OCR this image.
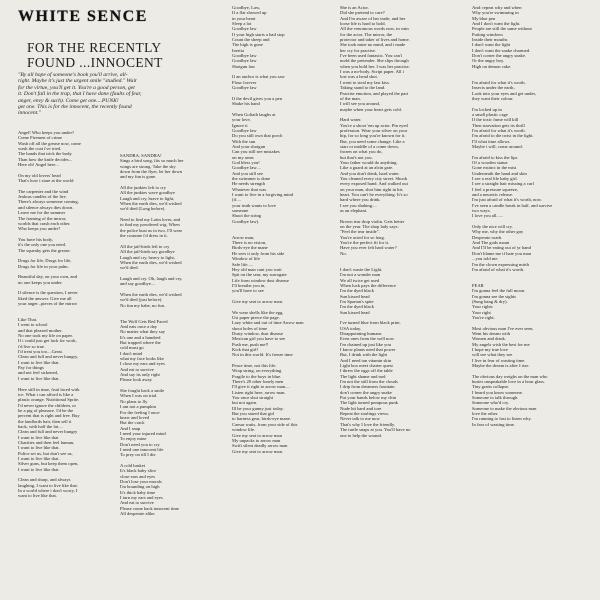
WHITE SENCE
FOR THE RECENTLY
FOUND ...INNOCENT
"By all hope of someone's book you'll arrive, all-
right. Maybe it's just the urgent smile "studied." Wait
for the virtue, you'll get it. You're a good person, get
it. Don't fall in the trap, that I have done (faults of fear,
anger, envy & such). Come get one....PUNK!
get one. This is for the innocent, the recently found
innocent."
Angel! Who keeps you under?
Come Firemen of crime
Wash off all the grease now, come
wash the coat i've tried.
The hands that trick the body.
Than how the knife decides...
Here oh! Angel here...

On my old lovers' head
That's how i stare at the world

The carpenter and the wind
Jealous candles of the fire.
There's always someone coming,
and silence always dies down.
Leave me for the summer
The framing of the mirror,
worlds that crash each other.
Who keeps you under?

You have his body,
it's the only one you need.
The squeaky gets the grease.

Drugs for life, Drugs for life,
Drugs for life in your palm.

Beautiful day, on your own, and
no one keeps you under.

If silence is the question, I never
liked the answer. Give me all
your anger...pieces of the mirror

Like That.
I went to school
and that pleased mother.
No one took my life on paper.
If i could just get luck for work,
i'd live so true.
I'd treat you too....Great.
Clean and full and never hungry,
I want to live like that.
Pay for things
and not feel sickened,
I want to live like that.

Here still in time, fruit laced with
ice. What i can afford is like a
plastic orange. Nutritional Sprite.
I'd never ignore the children, or
be a pig of pleasure. I'd be the
percent that is right and free. Buy
the landlords hair, then sell it
back, with half the fat....
Clean and full and never hungry
I want to live like that
Charities and then feel human,
I want to live like that.
Police set us, but don't see us,
I want to live like that.
Silver guns, but keep them open,
I want to live like that.

Clean and sharp, and always
laughing, I want to live like that.
In a world where i don't worry, I
want to live like that.
SANDRA, SANDRA!
Sings a bird song, fits so much her
wings are strong. Take the sky
down from the flyer, let her down
and my fun is gone.

All the junkies left to cry
All the junkies wave goodbye
Laugh and cry, brave to light,
When the earth dies, we'd wished
we'd died (Long before).

Need to find my Latin lover, and
to find my powdered wig. When
the police bust us in two, I'll wear
the costume i'd dress in it.

All the jail-birds left to cry
All the jail-birds say goodbye
Laugh and cry, heavy to light,
When the earth dies, we'd wished
we'd died.

Laugh and cry. Oh, laugh and cry,
and say goodbye....

When the earth dies, we'd wished
we'd died (just before).
No fun my babe, no fun.

The Wolf Gets Red Faced
And eats once a day
No matter what they say
It's one and a hundred
But trapped where the
cold must go
I don't mind
what my face looks like
I close my ears and eyes
And eat to survive
And say its only right
Please look away

She fought back a smile
When I was on trial.
No plans to fly
I am not a pumpkin
For the feeling I once
knew and loved
But the crack
And I snap
I need your injured mind
To enjoy mine
Don't need you to cry
I need one innocent life
To prey on till I die

A cold basket
It's black baby slice
close ears and eyes
Don't lose your morals
I'm bounding on high
It's thick baby time
I turn my ears and eyes
And eat to survive
Please come back innocent time
All desperate alike.
Goodbye, Law,
If a flat showed up
in your heart
Sleep a lot
Goodbye law
If your high starts a bad stop
Count the sheep and
The high is gone
Inertia
Goodbye law
Goodbye law
Shotgun law

If an anchor is what you saw
Flour forever
Goodbye law

If the devil gives you a pen
Shake his hand

When Goliath laughs at
your love,
Ignore it
Goodbye law
Do you still own that porch
With the sun
And your shotgun
Can you still see mistakes
on my arms
God bless you!
Goodbye law....
And you still see
the swimmer is done
He needs strength
Whatever that was
I want to live in a forgiving mind
(if....
your truth wants to love
someone
Shoot the string
Goodbye law).

Arrow man,
There is no vision,
Birds-eye the mane
He sees it only from his side
Window of life
Safe life.....
Hey old man cant you wait
Spit on the sear, my surrogate
Life from window dust disease
I'll breathe you in,
you'll have to see

Give my seat to arrow man.

We wear shells like the egg,
Usi paper pierce the page.
Lazy white and out of time Arrow man
shoot holes of time
Dusty window, dust disease
Mexican girl you have to see
Push me, push me!!
Kick that girl!
Not in this world. It's freeze time

Peace time, not this life.
Wrap string, on everything
Fragile to the boys in blue.
There's 20 other lonely men
I'll give it right to arrow man....
Listen right here, arrow man.
You once shot straight
but not again.
Ill be your gunny just today.
But you stared that girl
to harness gear, birds-eye mane.
Caesar waits, from your side of this
window life.
Give my seat to arrow man
My unpacks to arrow man
Swift silent deadly arrow man
Give my seat to arrow man.
She is an Actor.
Did she pretend to care?
And I'm aware of her trade, and her
loose life is hard to hold.
All the venomous words now, in vain
for the actor. The mirror, the
protector and taker of lives and home.
She took mine no mind, and i made
her cry for practise.
I've been used fantastic. You can't
mold the pretender. She slips through
when you hold her. I was her practise.
I was a no-body. Script paper. All i
lost was a head shot.
I went to steal my last kiss.
Taking stand to the land.
Practise emotion, and played the part
of the man.
I will see you around,
maybe when your heart gets cold.

Hard water.
You're a shoot 'em up actor. Pin eyed
profession. Wear your silver on your
hip, for so long you're known for it.
But, you need some change. Like a
starr or middle of a come down,
frozen on what you do,
but that's not you.
Your father would do anything.
Like a guard at an alcin gate.
And you don't drink, hard water.
You cleaned every city street. Shook
every exposed hand. And walked out
on your man, shot him right in his
heart. You can't be everything. It's so
hard where you drink.
I see you shaking....
as an elephant.

Brown tear drop violin. Gets better
on the year. The shop lady says:
"Feel the tear inside".
You're acted for so long.
You're the perfect fit for it.
Have you ever felt hard water?
No.

I don't waste the Light.
I'm not a wonder man
We all twice get used
When luck pays the difference
I'm the dyed black
Sun kissed head
I'm Spartan's spite
I'm the dyed black
Sun kissed head

I've turned blue from black print.
USA today.
Disappointing humans
Even ones from the well now
I'm chained up just like you
I know plants need that power
But, I drink with the light
And I need tan vitamin skin
Light box meet charter quest
I threw the eggs off the table
The light shame and nod
I'm not the still from the clouds
I drip from dreamers fountain
don't corner the angry snake
Put your hands below my chin
The light turned pompous punk
Nude hit hard and tore
Repeat the starlings views.
Never talk to me now
That's why I love the friendly.
The turtle snaps at you. You'll have no
one to help the wound.
And: repeat why and when
Why you're swimming in
My blue pen
And I don't want the light.
People are still the same without
Putting windows
Inside their mouths
I don't want the light
I don't want the snake charmed.
Don't corner the angry snake.
Or the angry boy.
High on demon cake.

I'm afraid for what it's worth.
Insects under the earth,
Look into your eyes and get under,
they want their colour.

I'm locked up in
a small plastic cage
If the toxic fume will kill
Then starvation gets its thrill
I'm afraid for what it's worth.
I'm afraid to die twist in the light.
I'll what time allows.
Maybe i will, come around.

I'm afraid to kiss the lips
Of a wooden statue
Gone extinct in the mist
Underneath the hand and skin
I see a real life baby girl.
I see a straight hair missing a curl
I feel a pressure squeeze,
and a neurotic release.
I'm just afraid of what it's worth, now.
I've seen a candle break in half, and survive
two ways.
I love you all......

Only the nice will cry.
Why me, why the other guy
Desperate roads
And The gods moan
And I'll be eating out of yr hand
Don't blame me if hate you man
...you told me.
I'm the clown expressing mirth
I'm afraid of what it's worth.

FEAR
I'm gonna feel the full moon.
I'm gonna see the sights
(Sung bang & dry).
Your rights
Your right
You're right.

Most obvious man I've ever seen,
Went his dream with
Women and drink.
My angels wish the best for me
I hope my true love
will see what they see
I live in fear of wasting time.
Maybe the dream is after I rise.

The obvious day weighs on the man who
buries unspeakable love in a hour glass.
Tiny gratis collapse.
I heard you know someone.
Someone to talk through.
Someone who'd cry.
Someone to make the obvious man
love the other.
I'm running to fast to listen why.
In fear of wasting time.
